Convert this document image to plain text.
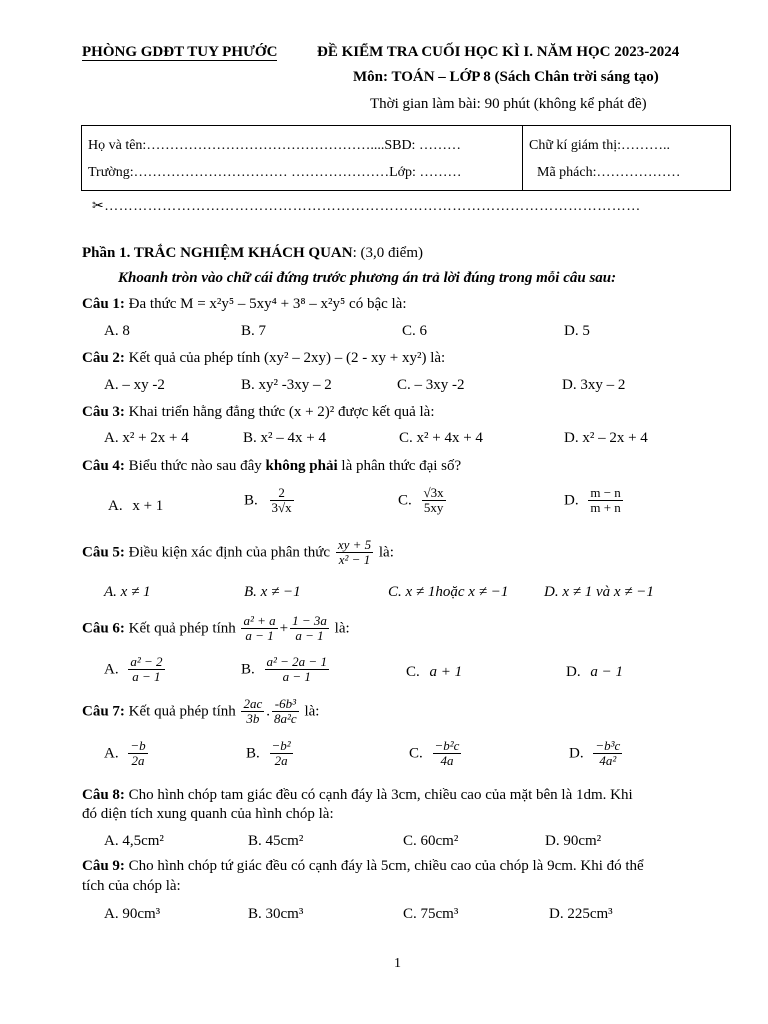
PHÒNG GDĐT TUY PHƯỚC	ĐỀ KIỂM TRA CUỐI HỌC KÌ I. NĂM HỌC 2023-2024
Môn: TOÁN – LỚP 8 (Sách Chân trời sáng tạo)
Thời gian làm bài: 90 phút (không kể phát đề)
Họ và tên:…………………………………………....SBD: ………
Trường:…………………………… …………………Lớp: ………

Chữ kí giám thị:………..
Mã phách:………………
✂…………………………………………………………………………………………………
Phần 1. TRẮC NGHIỆM KHÁCH QUAN: (3,0 điểm)
Khoanh tròn vào chữ cái đứng trước phương án trả lời đúng trong mỗi câu sau:
Câu 1: Đa thức M = x²y⁵ – 5xy⁴ + 3⁸ – x²y⁵ có bậc là:
A. 8	B. 7	C. 6	D. 5
Câu 2: Kết quả của phép tính (xy² – 2xy) – (2 - xy + xy²) là:
A. – xy -2	B. xy² -3xy – 2	C. – 3xy -2	D. 3xy – 2
Câu 3: Khai triển hằng đẳng thức (x + 2)² được kết quả là:
A. x² + 2x + 4	B. x² – 4x + 4	C. x² + 4x + 4	D. x² – 2x + 4
Câu 4: Biểu thức nào sau đây không phải là phân thức đại số?
A. x + 1	B. $\frac{2}{3√x}$	C. $\frac{√3x}{5xy}$	D. $\frac{m - n}{m + n}$
Câu 5: Điều kiện xác định của phân thức $\frac{xy + 5}{\text{x² − 1}}$ là:
A. x ≠ 1	B. x ≠ −1	C. x ≠ 1hoặc x ≠ −1 D. x ≠ 1 và x ≠ −1
Câu 6: Kết quả phép tính $\frac{\text{a² + a}}{a - 1} + \frac{1 - 3a}{a - 1}$ là:
A. $\frac{\text{a² − 2}}{a - 1}$	B. $\frac{\text{a² − 2a − 1}}{a - 1}$	C. a + 1	D. a − 1
Câu 7: Kết quả phép tính $\frac{2ac}{3b}$ . $\frac{\text{-6b³}}{\text{8a²c}}$ là:
A. $\frac{-b}{2a}$	B. $\frac{\text{−b²}}{2a}$	C. $\frac{\text{−b²c}}{4a}$	D. $\frac{\text{−b³c}}{\text{4a²}}$
Câu 8: Cho hình chóp tam giác đều có cạnh đáy là 3cm, chiều cao của mặt bên là 1dm. Khi
đó diện tích xung quanh của hình chóp là:
A. 4,5cm²	B. 45cm²	C. 60cm²	D. 90cm²
Câu 9: Cho hình chóp tứ giác đều có cạnh đáy là 5cm, chiều cao của chóp là 9cm. Khi đó thể
tích của chóp là:
A. 90cm³	B. 30cm³	C. 75cm³	D. 225cm³
1
